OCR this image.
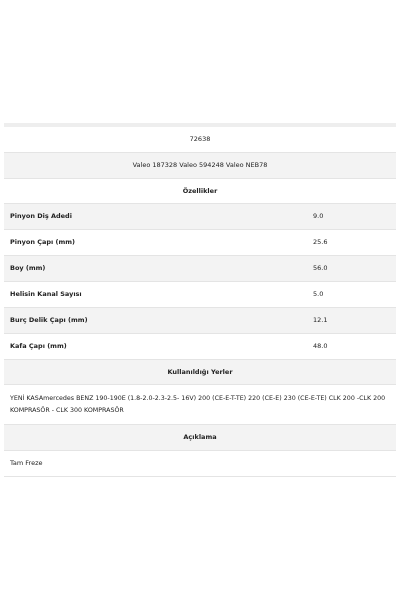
72638
Valeo 187328 Valeo 594248 Valeo NEB78
Özellikler
Pinyon Diş Adedi	9.0
Pinyon Çapı (mm)	25.6
Boy (mm)	56.0
Helisin Kanal Sayısı	5.0
Burç Delik Çapı (mm)	12.1
Kafa Çapı (mm)	48.0
Kullanıldığı Yerler
YENİ KASAmercedes BENZ 190-190E (1.8-2.0-2.3-2.5- 16V) 200 (CE-E-T-TE) 220 (CE-E) 230 (CE-E-TE) CLK 200 -CLK 200 KOMPRASÖR - CLK 300 KOMPRASÖR
Açıklama
Tam Freze
